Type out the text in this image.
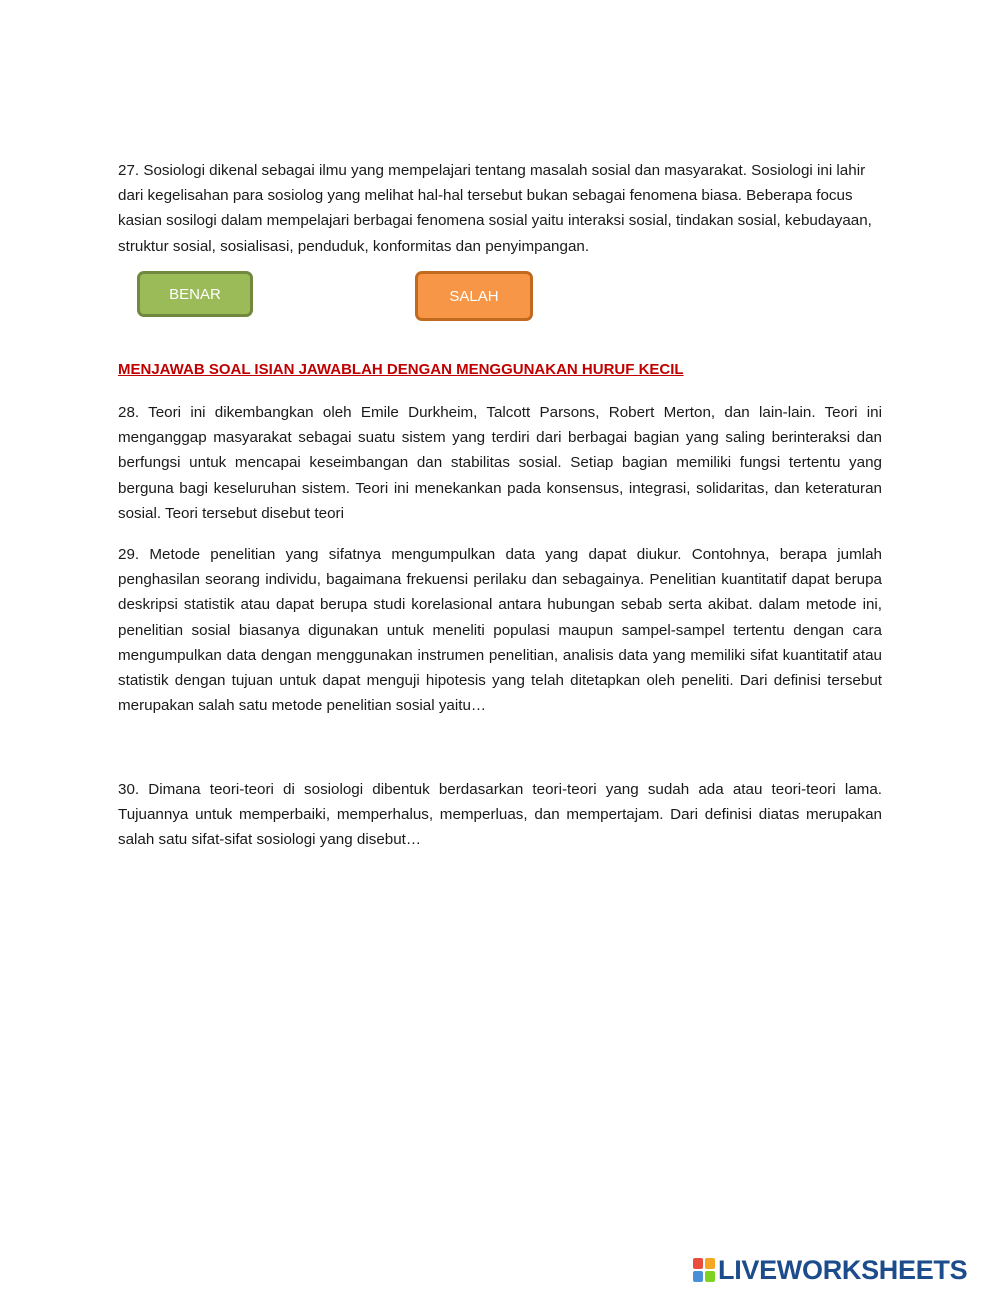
27. Sosiologi dikenal sebagai ilmu yang mempelajari tentang masalah sosial dan masyarakat. Sosiologi ini lahir dari kegelisahan para sosiolog yang melihat hal-hal tersebut bukan sebagai fenomena biasa. Beberapa focus kasian sosilogi dalam mempelajari berbagai fenomena sosial yaitu interaksi sosial, tindakan sosial, kebudayaan, struktur sosial, sosialisasi, penduduk, konformitas dan penyimpangan.

BENAR	SALAH

MENJAWAB SOAL ISIAN JAWABLAH DENGAN MENGGUNAKAN HURUF KECIL

28. Teori ini dikembangkan oleh Emile Durkheim, Talcott Parsons, Robert Merton, dan lain-lain. Teori ini menganggap masyarakat sebagai suatu sistem yang terdiri dari berbagai bagian yang saling berinteraksi dan berfungsi untuk mencapai keseimbangan dan stabilitas sosial. Setiap bagian memiliki fungsi tertentu yang berguna bagi keseluruhan sistem. Teori ini menekankan pada konsensus, integrasi, solidaritas, dan keteraturan sosial. Teori tersebut disebut teori

29. Metode penelitian yang sifatnya mengumpulkan data yang dapat diukur. Contohnya, berapa jumlah penghasilan seorang individu, bagaimana frekuensi perilaku dan sebagainya. Penelitian kuantitatif dapat berupa deskripsi statistik atau dapat berupa studi korelasional antara hubungan sebab serta akibat. dalam metode ini, penelitian sosial biasanya digunakan untuk meneliti populasi maupun sampel-sampel tertentu dengan cara mengumpulkan data dengan menggunakan instrumen penelitian, analisis data yang memiliki sifat kuantitatif atau statistik dengan tujuan untuk dapat menguji hipotesis yang telah ditetapkan oleh peneliti. Dari definisi tersebut merupakan salah satu metode penelitian sosial yaitu…

30. Dimana teori-teori di sosiologi dibentuk berdasarkan teori-teori yang sudah ada atau teori-teori lama. Tujuannya untuk memperbaiki, memperhalus, memperluas, dan mempertajam. Dari definisi diatas merupakan salah satu sifat-sifat sosiologi yang disebut…

LIVEWORKSHEETS
